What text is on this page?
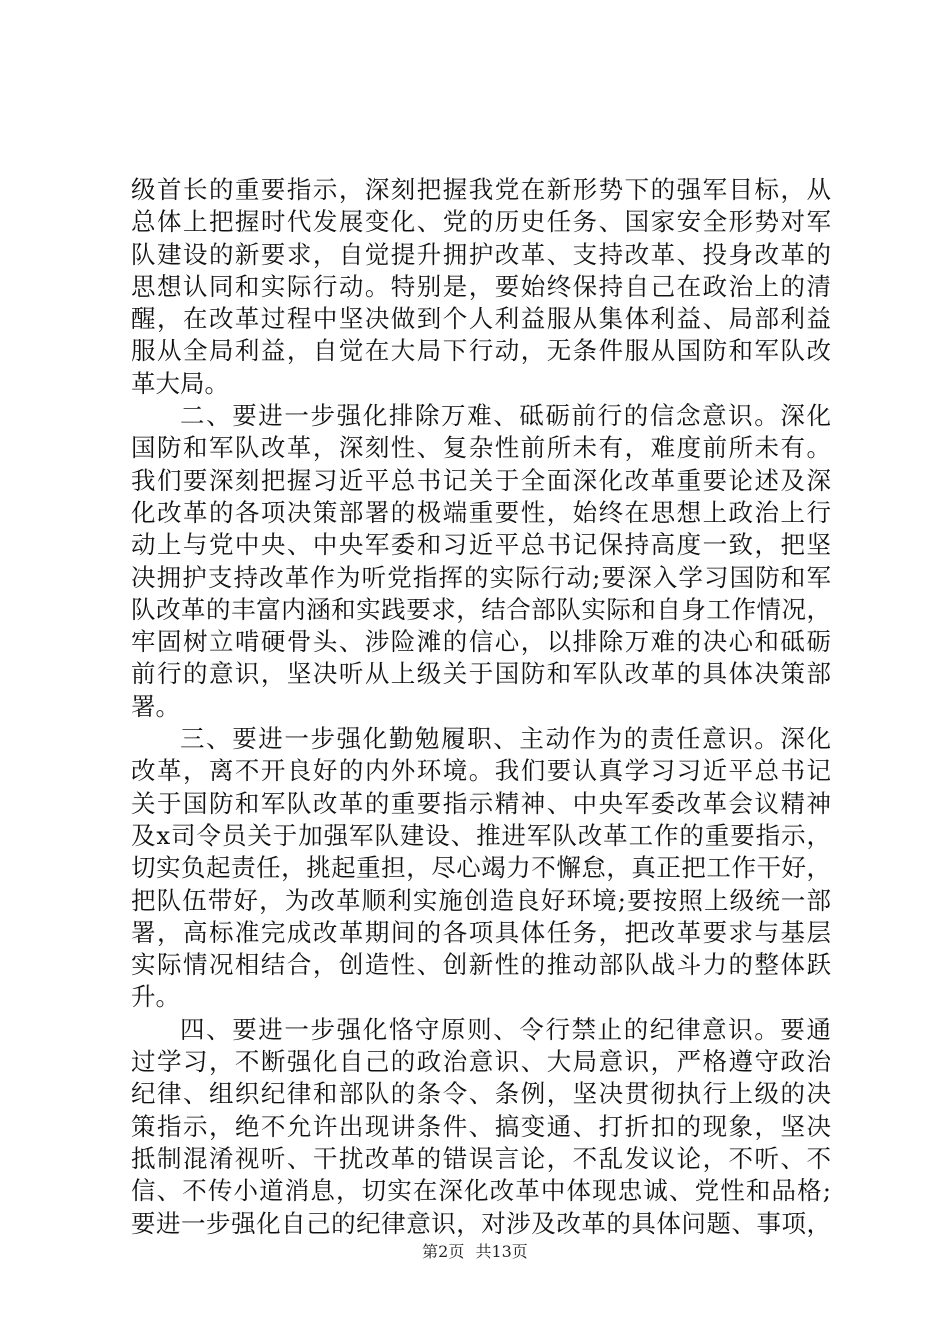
级首长的重要指示，深刻把握我党在新形势下的强军目标，从
总体上把握时代发展变化、党的历史任务、国家安全形势对军
队建设的新要求，自觉提升拥护改革、支持改革、投身改革的
思想认同和实际行动。特别是，要始终保持自己在政治上的清
醒，在改革过程中坚决做到个人利益服从集体利益、局部利益
服从全局利益，自觉在大局下行动，无条件服从国防和军队改
革大局。
二、要进一步强化排除万难、砥砺前行的信念意识。深化
国防和军队改革，深刻性、复杂性前所未有，难度前所未有。
我们要深刻把握习近平总书记关于全面深化改革重要论述及深
化改革的各项决策部署的极端重要性，始终在思想上政治上行
动上与党中央、中央军委和习近平总书记保持高度一致，把坚
决拥护支持改革作为听党指挥的实际行动;要深入学习国防和军
队改革的丰富内涵和实践要求，结合部队实际和自身工作情况，
牢固树立啃硬骨头、涉险滩的信心，以排除万难的决心和砥砺
前行的意识，坚决听从上级关于国防和军队改革的具体决策部
署。
三、要进一步强化勤勉履职、主动作为的责任意识。深化
改革，离不开良好的内外环境。我们要认真学习习近平总书记
关于国防和军队改革的重要指示精神、中央军委改革会议精神
及x司令员关于加强军队建设、推进军队改革工作的重要指示，
切实负起责任，挑起重担，尽心竭力不懈怠，真正把工作干好，
把队伍带好，为改革顺利实施创造良好环境;要按照上级统一部
署，高标准完成改革期间的各项具体任务，把改革要求与基层
实际情况相结合，创造性、创新性的推动部队战斗力的整体跃
升。
四、要进一步强化恪守原则、令行禁止的纪律意识。要通
过学习，不断强化自己的政治意识、大局意识，严格遵守政治
纪律、组织纪律和部队的条令、条例，坚决贯彻执行上级的决
策指示，绝不允许出现讲条件、搞变通、打折扣的现象，坚决
抵制混淆视听、干扰改革的错误言论，不乱发议论，不听、不
信、不传小道消息，切实在深化改革中体现忠诚、党性和品格;
要进一步强化自己的纪律意识，对涉及改革的具体问题、事项，
第2页 共13页
